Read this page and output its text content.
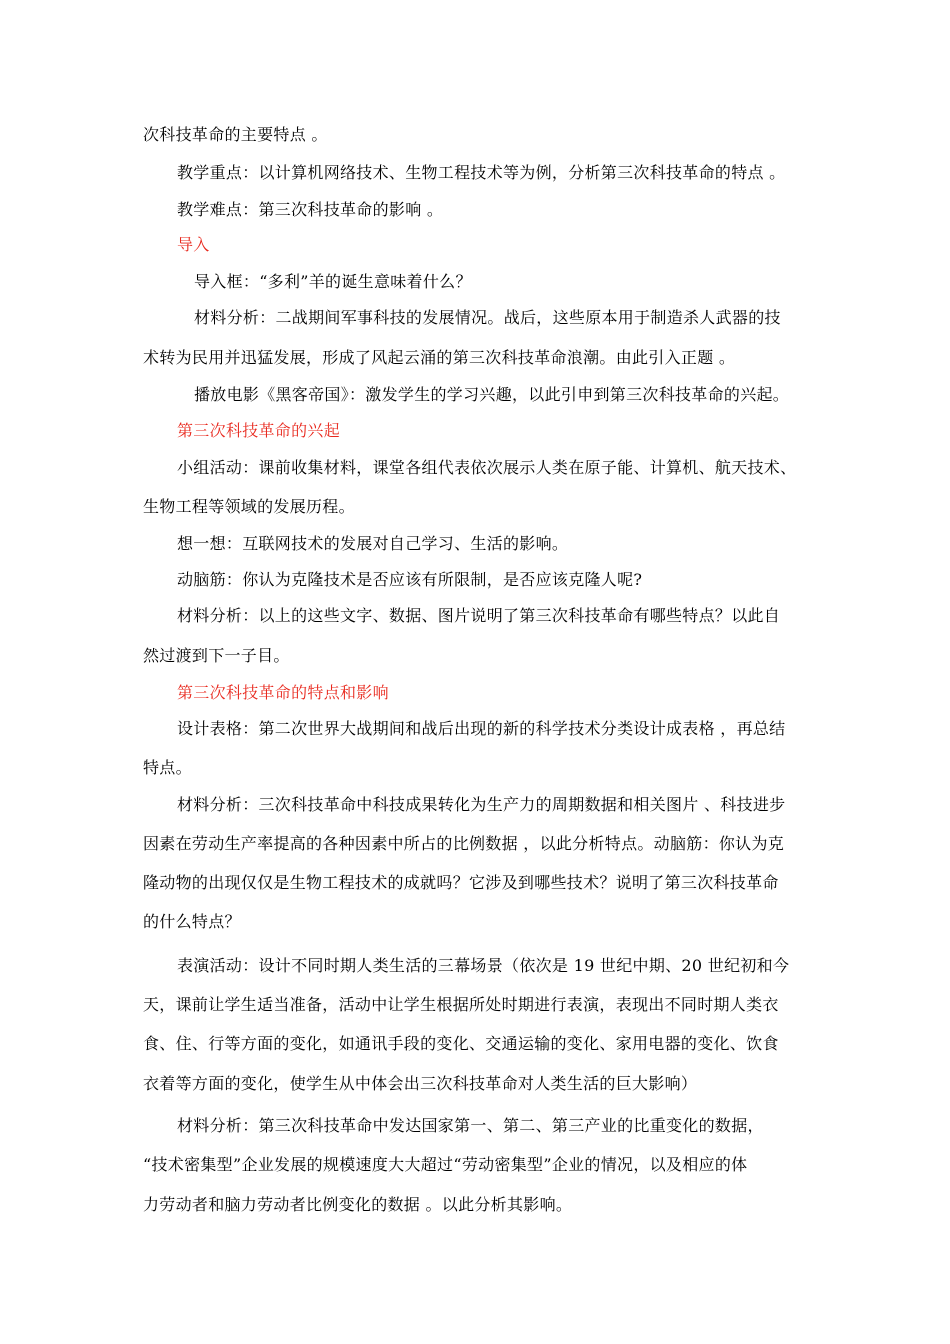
次科技革命的主要特点 。
教学重点：以计算机网络技术、生物工程技术等为例，分析第三次科技革命的特点 。
教学难点：第三次科技革命的影响 。
导入
导入框：“多利”羊的诞生意味着什么？
材料分析：二战期间军事科技的发展情况。战后，这些原本用于制造杀人武器的技
术转为民用并迅猛发展，形成了风起云涌的第三次科技革命浪潮。由此引入正题 。
播放电影《黑客帝国》：激发学生的学习兴趣，以此引申到第三次科技革命的兴起。
第三次科技革命的兴起
小组活动：课前收集材料，课堂各组代表依次展示人类在原子能、计算机、航天技术、
生物工程等领域的发展历程。
想一想：互联网技术的发展对自己学习、生活的影响。
动脑筋：你认为克隆技术是否应该有所限制，是否应该克隆人呢?
材料分析：以上的这些文字、数据、图片说明了第三次科技革命有哪些特点？以此自
然过渡到下一子目。
第三次科技革命的特点和影响
设计表格：第二次世界大战期间和战后出现的新的科学技术分类设计成表格 ，再总结
特点。
材料分析：三次科技革命中科技成果转化为生产力的周期数据和相关图片 、科技进步
因素在劳动生产率提高的各种因素中所占的比例数据 ，以此分析特点。动脑筋：你认为克
隆动物的出现仅仅是生物工程技术的成就吗？它涉及到哪些技术？说明了第三次科技革命
的什么特点？
表演活动：设计不同时期人类生活的三幕场景（依次是 19 世纪中期、20 世纪初和今
天，课前让学生适当准备，活动中让学生根据所处时期进行表演，表现出不同时期人类衣
食、住、行等方面的变化，如通讯手段的变化、交通运输的变化、家用电器的变化、饮食
衣着等方面的变化，使学生从中体会出三次科技革命对人类生活的巨大影响）
材料分析：第三次科技革命中发达国家第一、第二、第三产业的比重变化的数据，
“技术密集型”企业发展的规模速度大大超过“劳动密集型”企业的情况，以及相应的体
力劳动者和脑力劳动者比例变化的数据 。以此分析其影响。
